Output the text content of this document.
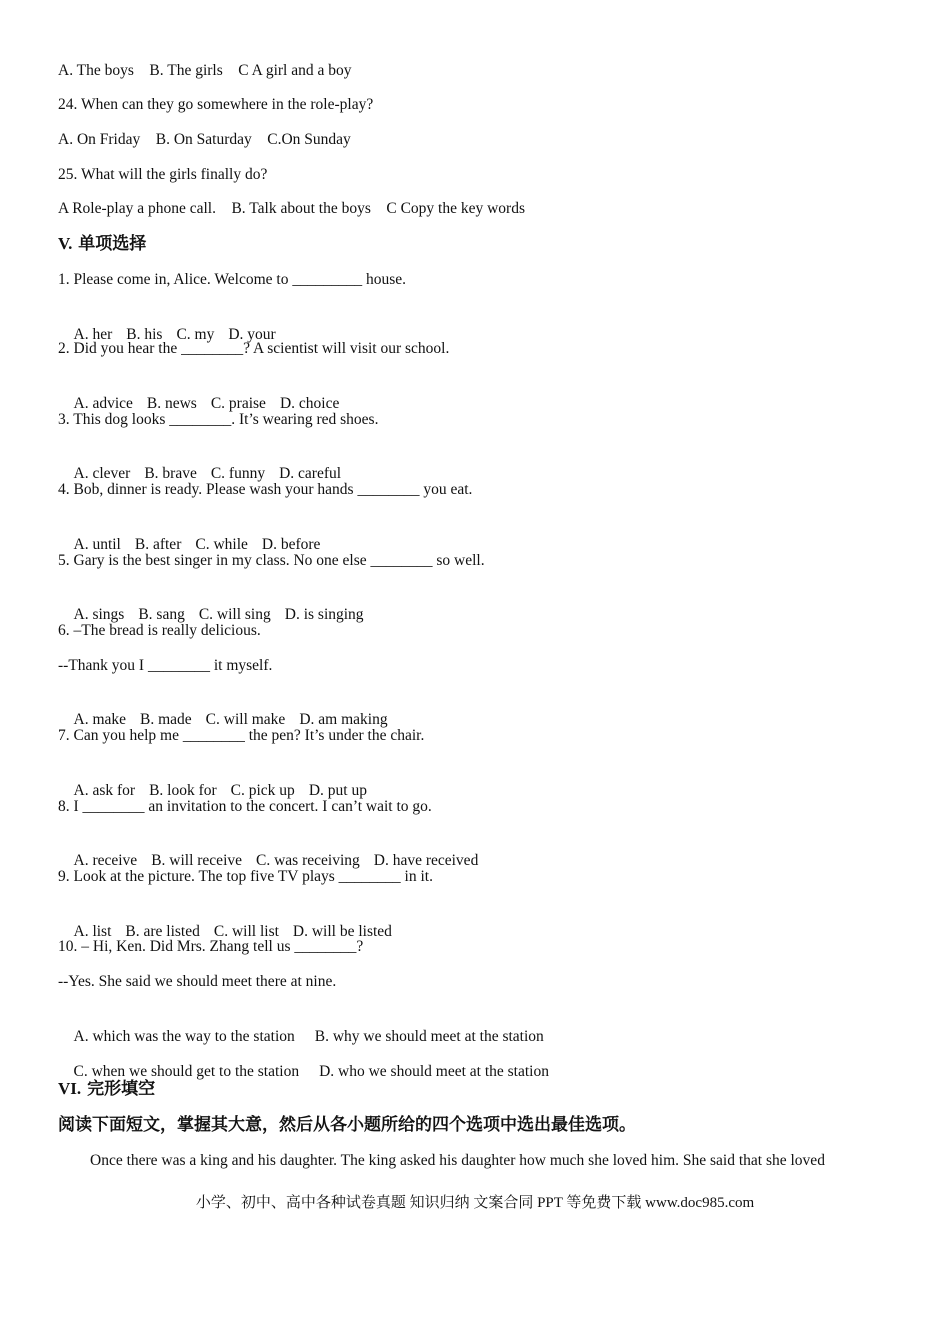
A. The boys    B. The girls    C A girl and a boy
24. When can they go somewhere in the role-play?
A. On Friday    B. On Saturday    C.On Sunday
25. What will the girls finally do?
A Role-play a phone call.    B. Talk about the boys    C Copy the key words
V. 单项选择
1. Please come in, Alice. Welcome to _________ house.

A. her B. his C. my D. your

2. Did you hear the ________? A scientist will visit our school.

A. advice B. news C. praise D. choice

3. This dog looks ________. It’s wearing red shoes.

A. clever B. brave C. funny D. careful

4. Bob, dinner is ready. Please wash your hands ________ you eat.

A. until B. after C. while D. before

5. Gary is the best singer in my class. No one else ________ so well.

A. sings B. sang C. will sing D. is singing

6. –The bread is really delicious.
--Thank you I ________ it myself.

A. make B. made C. will make D. am making

7. Can you help me ________ the pen? It’s under the chair.

A. ask for B. look for C. pick up D. put up

8. I ________ an invitation to the concert. I can’t wait to go.

A. receive B. will receive C. was receiving D. have received

9. Look at the picture. The top five TV plays ________ in it.

A. list B. are listed C. will list D. will be listed

10. – Hi, Ken. Did Mrs. Zhang tell us ________?
--Yes. She said we should meet there at nine.

A. which was the way to the station B. why we should meet at the station

C. when we should get to the station D. who we should meet at the station

VI. 完形填空
阅读下面短文，掌握其大意，然后从各小题所给的四个选项中选出最佳选项。
Once there was a king and his daughter. The king asked his daughter how much she loved him. She said that she loved
小学、初中、高中各种试卷真题 知识归纳 文案合同 PPT 等免费下载 www.doc985.com
